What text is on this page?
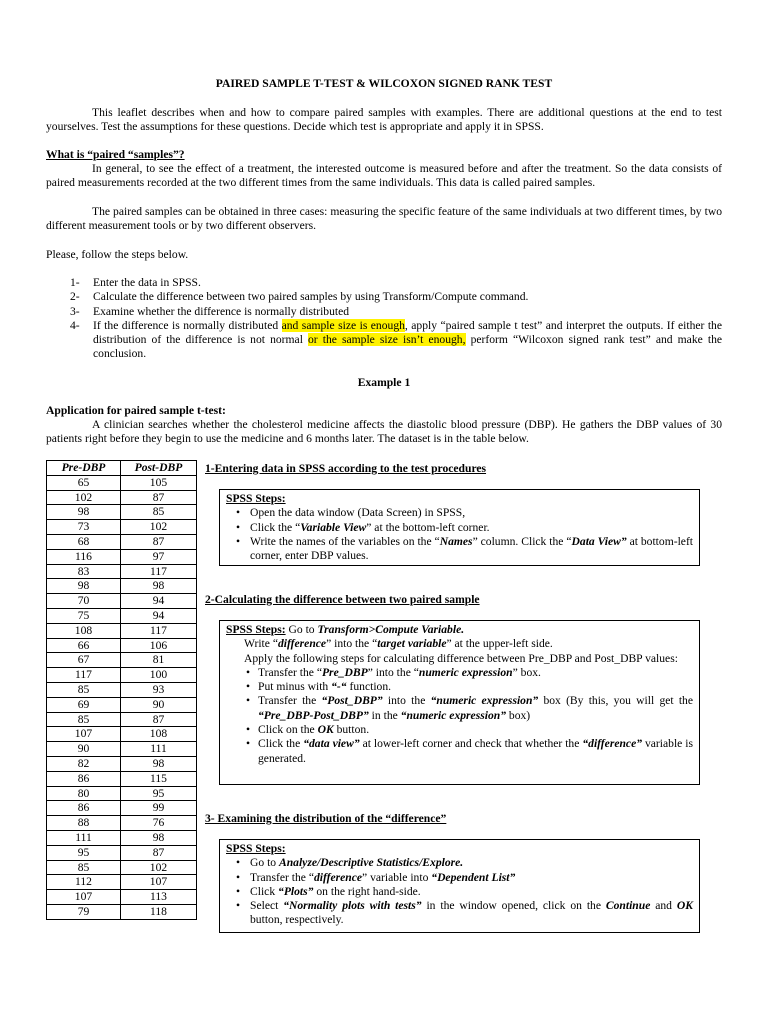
PAIRED SAMPLE T-TEST & WILCOXON SIGNED RANK TEST
This leaflet describes when and how to compare paired samples with examples. There are additional questions at the end to test yourselves. Test the assumptions for these questions. Decide which test is appropriate and apply it in SPSS.
What is “paired “samples”?
In general, to see the effect of a treatment, the interested outcome is measured before and after the treatment. So the data consists of paired measurements recorded at the two different times from the same individuals. This data is called paired samples.
The paired samples can be obtained in three cases: measuring the specific feature of the same individuals at two different times, by two different measurement tools or by two different observers.
Please, follow the steps below.
1- Enter the data in SPSS.
2- Calculate the difference between two paired samples by using Transform/Compute command.
3- Examine whether the difference is normally distributed
4- If the difference is normally distributed and sample size is enough, apply “paired sample t test” and interpret the outputs. If either the distribution of the difference is not normal or the sample size isn’t enough, perform “Wilcoxon signed rank test” and make the conclusion.
Example 1
Application for paired sample t-test:
A clinician searches whether the cholesterol medicine affects the diastolic blood pressure (DBP). He gathers the DBP values of 30 patients right before they begin to use the medicine and 6 months later. The dataset is in the table below.
Pre-DBP	Post-DBP
65	105
102	87
98	85
73	102
68	87
116	97
83	117
98	98
70	94
75	94
108	117
66	106
67	81
117	100
85	93
69	90
85	87
107	108
90	111
82	98
86	115
80	95
86	99
88	76
111	98
95	87
85	102
112	107
107	113
79	118
1-Entering data in SPSS according to the test procedures
SPSS Steps:
• Open the data window (Data Screen) in SPSS,
• Click the “Variable View” at the bottom-left corner.
• Write the names of the variables on the “Names” column. Click the “Data View” at bottom-left corner, enter DBP values.
2-Calculating the difference between two paired sample

SPSS Steps: Go to Transform>Compute Variable.

Write “difference” into the “target variable” at the upper-left side.

Apply the following steps for calculating difference between Pre_DBP and Post_DBP values:

• Transfer the “Pre_DBP” into the “numeric expression” box.
• Put minus with “-“ function.
• Transfer the “Post_DBP” into the “numeric expression” box (By this, you will get the “Pre_DBP-Post_DBP” in the “numeric expression” box)
• Click on the OK button.
• Click the “data view” at lower-left corner and check that whether the “difference” variable is generated.
3- Examining the distribution of the “difference”
SPSS Steps:
• Go to Analyze/Descriptive Statistics/Explore.
• Transfer the “difference” variable into “Dependent List”
• Click “Plots” on the right hand-side.
• Select “Normality plots with tests” in the window opened, click on the Continue and OK button, respectively.
